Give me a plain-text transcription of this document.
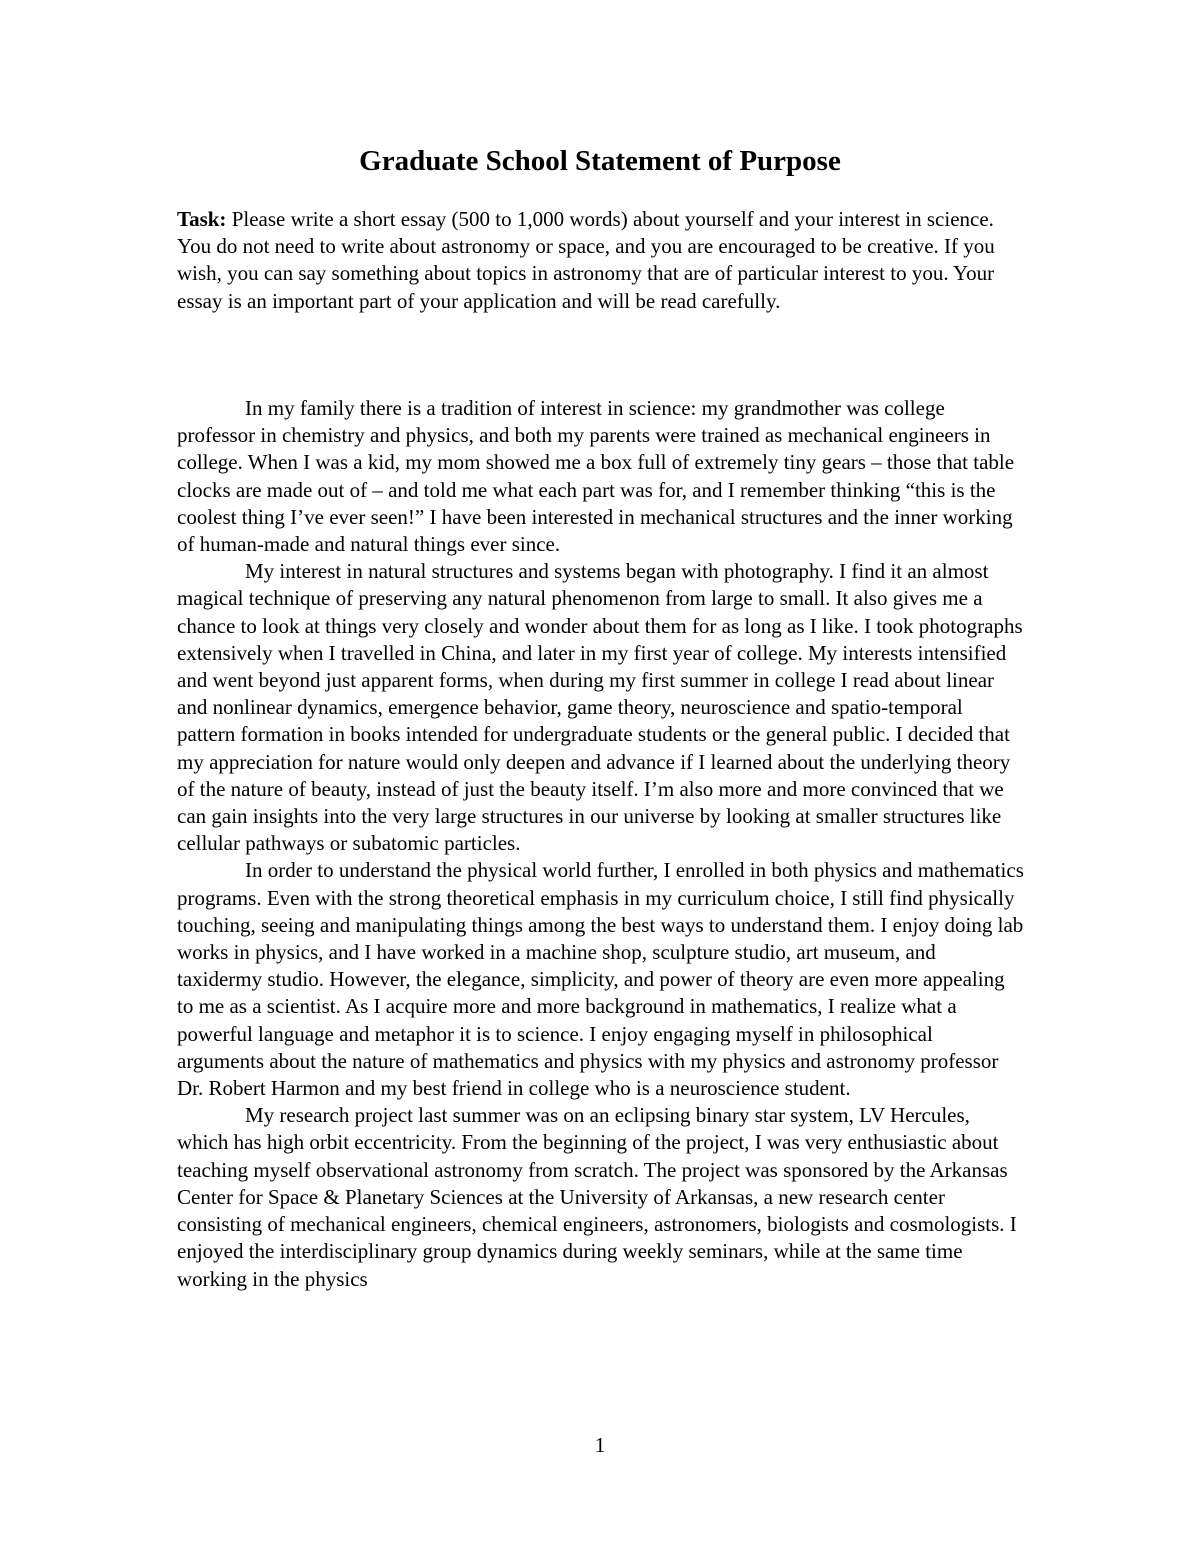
Graduate School Statement of Purpose
Task: Please write a short essay (500 to 1,000 words) about yourself and your interest in science. You do not need to write about astronomy or space, and you are encouraged to be creative. If you wish, you can say something about topics in astronomy that are of particular interest to you. Your essay is an important part of your application and will be read carefully.

In my family there is a tradition of interest in science: my grandmother was college professor in chemistry and physics, and both my parents were trained as mechanical engineers in college. When I was a kid, my mom showed me a box full of extremely tiny gears – those that table clocks are made out of – and told me what each part was for, and I remember thinking “this is the coolest thing I’ve ever seen!” I have been interested in mechanical structures and the inner working of human-made and natural things ever since.

My interest in natural structures and systems began with photography. I find it an almost magical technique of preserving any natural phenomenon from large to small. It also gives me a chance to look at things very closely and wonder about them for as long as I like. I took photographs extensively when I travelled in China, and later in my first year of college. My interests intensified and went beyond just apparent forms, when during my first summer in college I read about linear and nonlinear dynamics, emergence behavior, game theory, neuroscience and spatio-temporal pattern formation in books intended for undergraduate students or the general public. I decided that my appreciation for nature would only deepen and advance if I learned about the underlying theory of the nature of beauty, instead of just the beauty itself. I’m also more and more convinced that we can gain insights into the very large structures in our universe by looking at smaller structures like cellular pathways or subatomic particles.

In order to understand the physical world further, I enrolled in both physics and mathematics programs. Even with the strong theoretical emphasis in my curriculum choice, I still find physically touching, seeing and manipulating things among the best ways to understand them. I enjoy doing lab works in physics, and I have worked in a machine shop, sculpture studio, art museum, and taxidermy studio. However, the elegance, simplicity, and power of theory are even more appealing to me as a scientist. As I acquire more and more background in mathematics, I realize what a powerful language and metaphor it is to science. I enjoy engaging myself in philosophical arguments about the nature of mathematics and physics with my physics and astronomy professor Dr. Robert Harmon and my best friend in college who is a neuroscience student.

My research project last summer was on an eclipsing binary star system, LV Hercules, which has high orbit eccentricity. From the beginning of the project, I was very enthusiastic about teaching myself observational astronomy from scratch. The project was sponsored by the Arkansas Center for Space & Planetary Sciences at the University of Arkansas, a new research center consisting of mechanical engineers, chemical engineers, astronomers, biologists and cosmologists. I enjoyed the interdisciplinary group dynamics during weekly seminars, while at the same time working in the physics

1
